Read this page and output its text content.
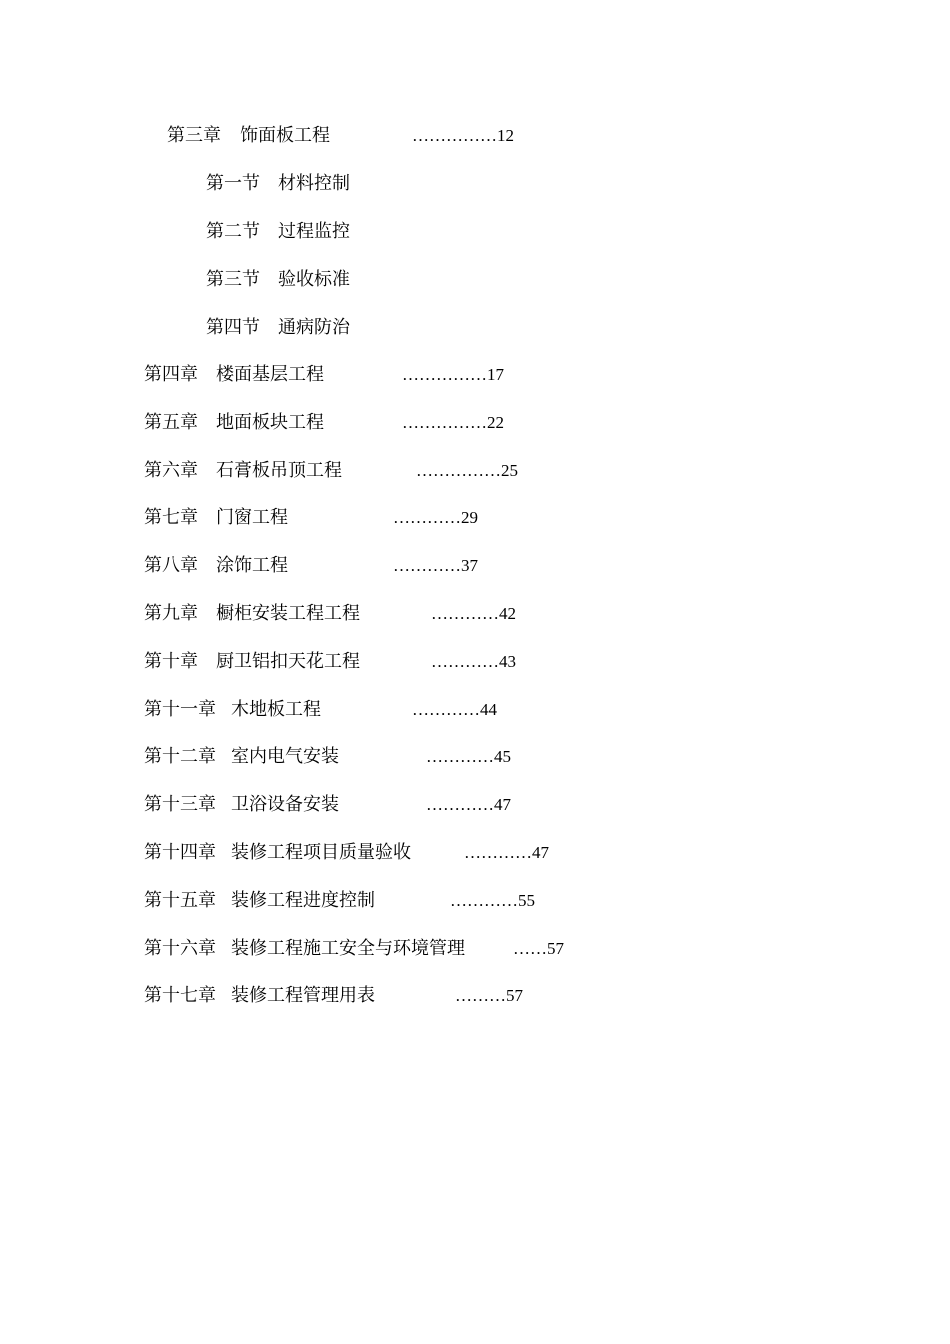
第三章 饰面板工程	……………12
第一节 材料控制
第二节 过程监控
第三节 验收标准
第四节 通病防治
第四章 楼面基层工程	……………17
第五章 地面板块工程	……………22
第六章 石膏板吊顶工程	……………25
第七章 门窗工程	…………29
第八章 涂饰工程	…………37
第九章 橱柜安装工程工程	…………42
第十章 厨卫铝扣天花工程	…………43
第十一章 木地板工程	…………44
第十二章 室内电气安装	…………45
第十三章 卫浴设备安装	…………47
第十四章 装修工程项目质量验收	…………47
第十五章 装修工程进度控制	…………55
第十六章 装修工程施工安全与环境管理	……57
第十七章 装修工程管理用表	………57
